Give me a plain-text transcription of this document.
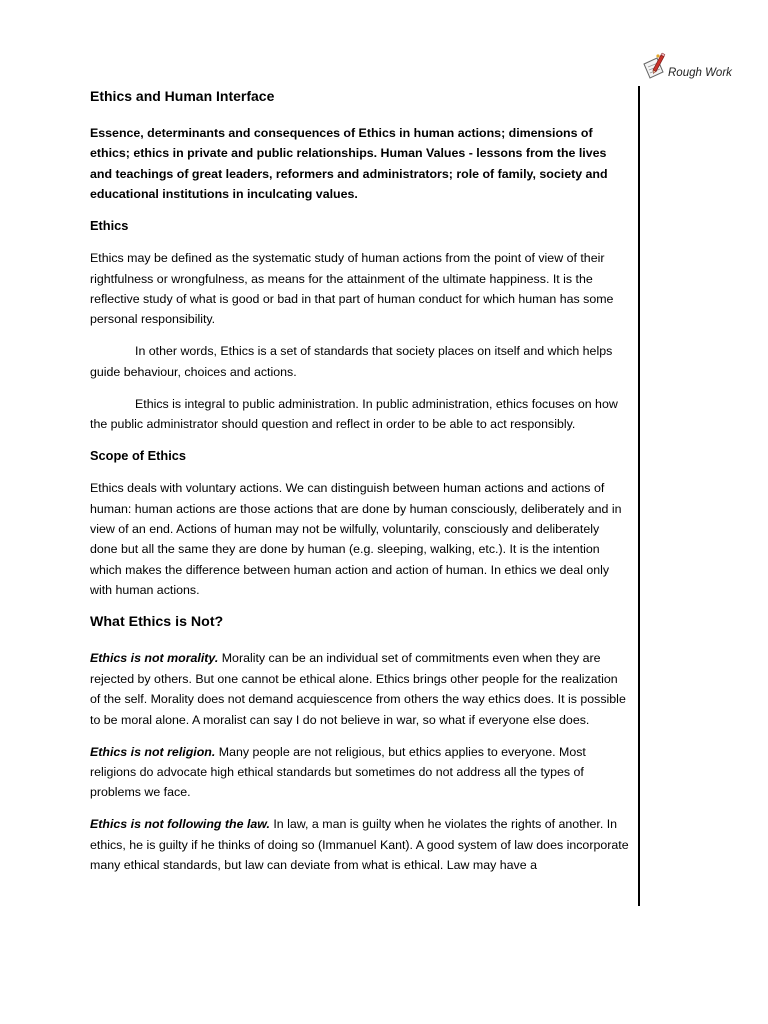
Rough Work
Ethics and Human Interface

Essence, determinants and consequences of Ethics in human actions; dimensions of ethics; ethics in private and public relationships. Human Values - lessons from the lives and teachings of great leaders, reformers and administrators; role of family, society and educational institutions in inculcating values.

Ethics

Ethics may be defined as the systematic study of human actions from the point of view of their rightfulness or wrongfulness, as means for the attainment of the ultimate happiness. It is the reflective study of what is good or bad in that part of human conduct for which human has some personal responsibility.

In other words, Ethics is a set of standards that society places on itself and which helps guide behaviour, choices and actions.

Ethics is integral to public administration. In public administration, ethics focuses on how the public administrator should question and reflect in order to be able to act responsibly.

Scope of Ethics

Ethics deals with voluntary actions. We can distinguish between human actions and actions of human: human actions are those actions that are done by human consciously, deliberately and in view of an end. Actions of human may not be wilfully, voluntarily, consciously and deliberately done but all the same they are done by human (e.g. sleeping, walking, etc.). It is the intention which makes the difference between human action and action of human. In ethics we deal only with human actions.

What Ethics is Not?

Ethics is not morality. Morality can be an individual set of commitments even when they are rejected by others. But one cannot be ethical alone. Ethics brings other people for the realization of the self. Morality does not demand acquiescence from others the way ethics does. It is possible to be moral alone. A moralist can say I do not believe in war, so what if everyone else does.

Ethics is not religion. Many people are not religious, but ethics applies to everyone. Most religions do advocate high ethical standards but sometimes do not address all the types of problems we face.

Ethics is not following the law. In law, a man is guilty when he violates the rights of another. In ethics, he is guilty if he thinks of doing so (Immanuel Kant). A good system of law does incorporate many ethical standards, but law can deviate from what is ethical. Law may have a
